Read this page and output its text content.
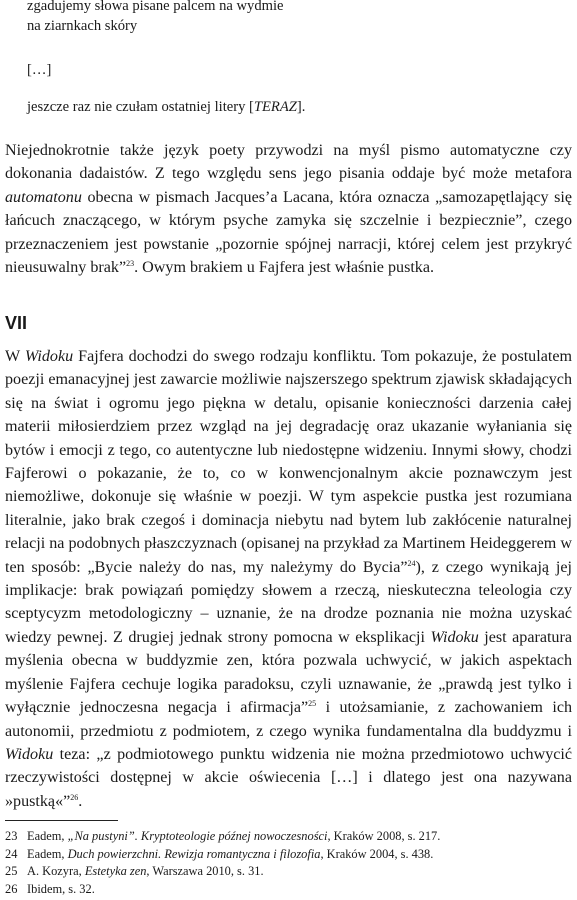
zgadujemy słowa pisane palcem na wydmie
na ziarnkach skóry
[…]
jeszcze raz nie czułam ostatniej litery [TERAZ].

Niejednokrotnie także język poety przywodzi na myśl pismo automatyczne czy dokonania dadaistów. Z tego względu sens jego pisania oddaje być może metafora automatonu obecna w pismach Jacques’a Lacana, która oznacza „samozapętlający się łańcuch znaczącego, w którym psyche zamyka się szczelnie i bezpiecznie”, czego przeznaczeniem jest powstanie „pozornie spójnej narracji, której celem jest przykryć nieusuwalny brak”$^{23}$. Owym brakiem u Fajfera jest właśnie pustka.

VII

W Widoku Fajfera dochodzi do swego rodzaju konfliktu. Tom pokazuje, że postulatem poezji emanacyjnej jest zawarcie możliwie najszerszego spektrum zjawisk składających się na świat i ogromu jego piękna w detalu, opisanie konieczności darzenia całej materii miłosierdziem przez wzgląd na jej degradację oraz ukazanie wyłaniania się bytów i emocji z tego, co autentyczne lub niedostępne widzeniu. Innymi słowy, chodzi Fajferowi o pokazanie, że to, co w konwencjonalnym akcie poznawczym jest niemożliwe, dokonuje się właśnie w poezji. W tym aspekcie pustka jest rozumiana literalnie, jako brak czegoś i dominacja niebytu nad bytem lub zakłócenie naturalnej relacji na podobnych płaszczyznach (opisanej na przykład za Martinem Heideggerem w ten sposób: „Bycie należy do nas, my należymy do Bycia”$^{24}$), z czego wynikają jej implikacje: brak powiązań pomiędzy słowem a rzeczą, nieskuteczna teleologia czy sceptycyzm metodologiczny – uznanie, że na drodze poznania nie można uzyskać wiedzy pewnej. Z drugiej jednak strony pomocna w eksplikacji Widoku jest aparatura myślenia obecna w buddyzmie zen, która pozwala uchwycić, w jakich aspektach myślenie Fajfera cechuje logika paradoksu, czyli uznawanie, że „prawdą jest tylko i wyłącznie jednoczesna negacja i afirmacja”$^{25}$ i utożsamianie, z zachowaniem ich autonomii, przedmiotu z podmiotem, z czego wynika fundamentalna dla buddyzmu i Widoku teza: „z podmiotowego punktu widzenia nie można przedmiotowo uchwycić rzeczywistości dostępnej w akcie oświecenia […] i dlatego jest ona nazywana »pustką«”$^{26}$.

23 Eadem, „Na pustyni”. Kryptoteologie późnej nowoczesności, Kraków 2008, s. 217.
24 Eadem, Duch powierzchni. Rewizja romantyczna i filozofia, Kraków 2004, s. 438.
25 A. Kozyra, Estetyka zen, Warszawa 2010, s. 31.
26 Ibidem, s. 32.
